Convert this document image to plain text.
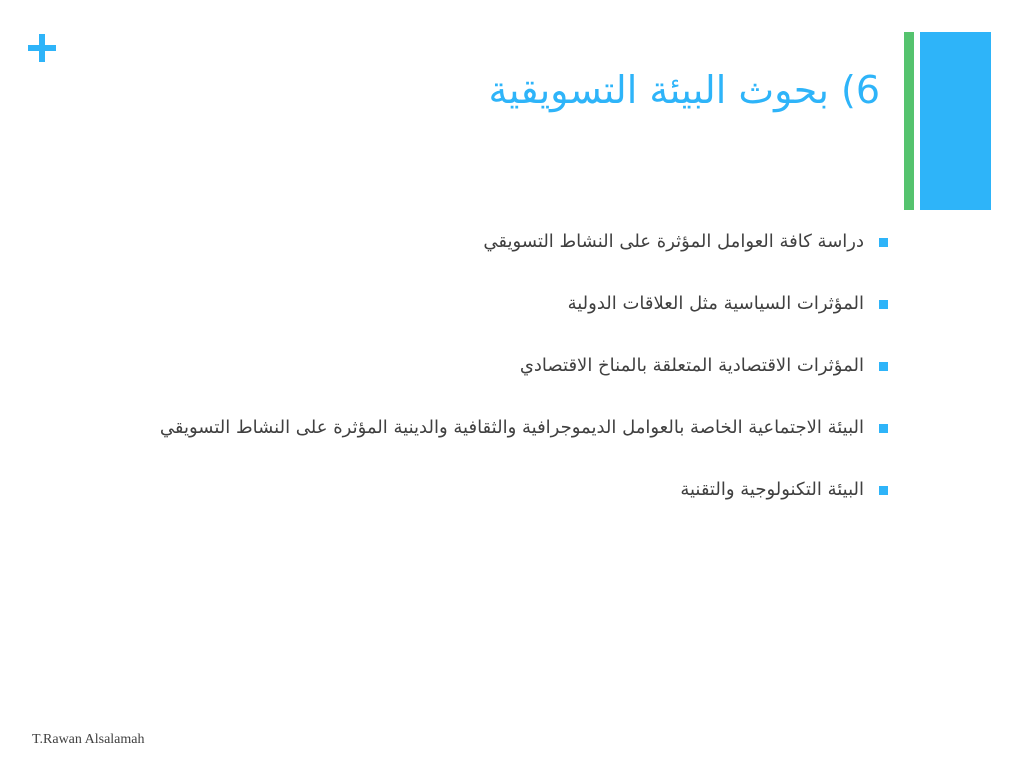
6) بحوث البيئة التسويقية
دراسة كافة العوامل المؤثرة على النشاط التسويقي
المؤثرات السياسية مثل العلاقات الدولية
المؤثرات الاقتصادية المتعلقة بالمناخ الاقتصادي
البيئة الاجتماعية الخاصة بالعوامل الديموجرافية والثقافية والدينية المؤثرة على النشاط التسويقي
البيئة التكنولوجية والتقنية
T.Rawan Alsalamah
